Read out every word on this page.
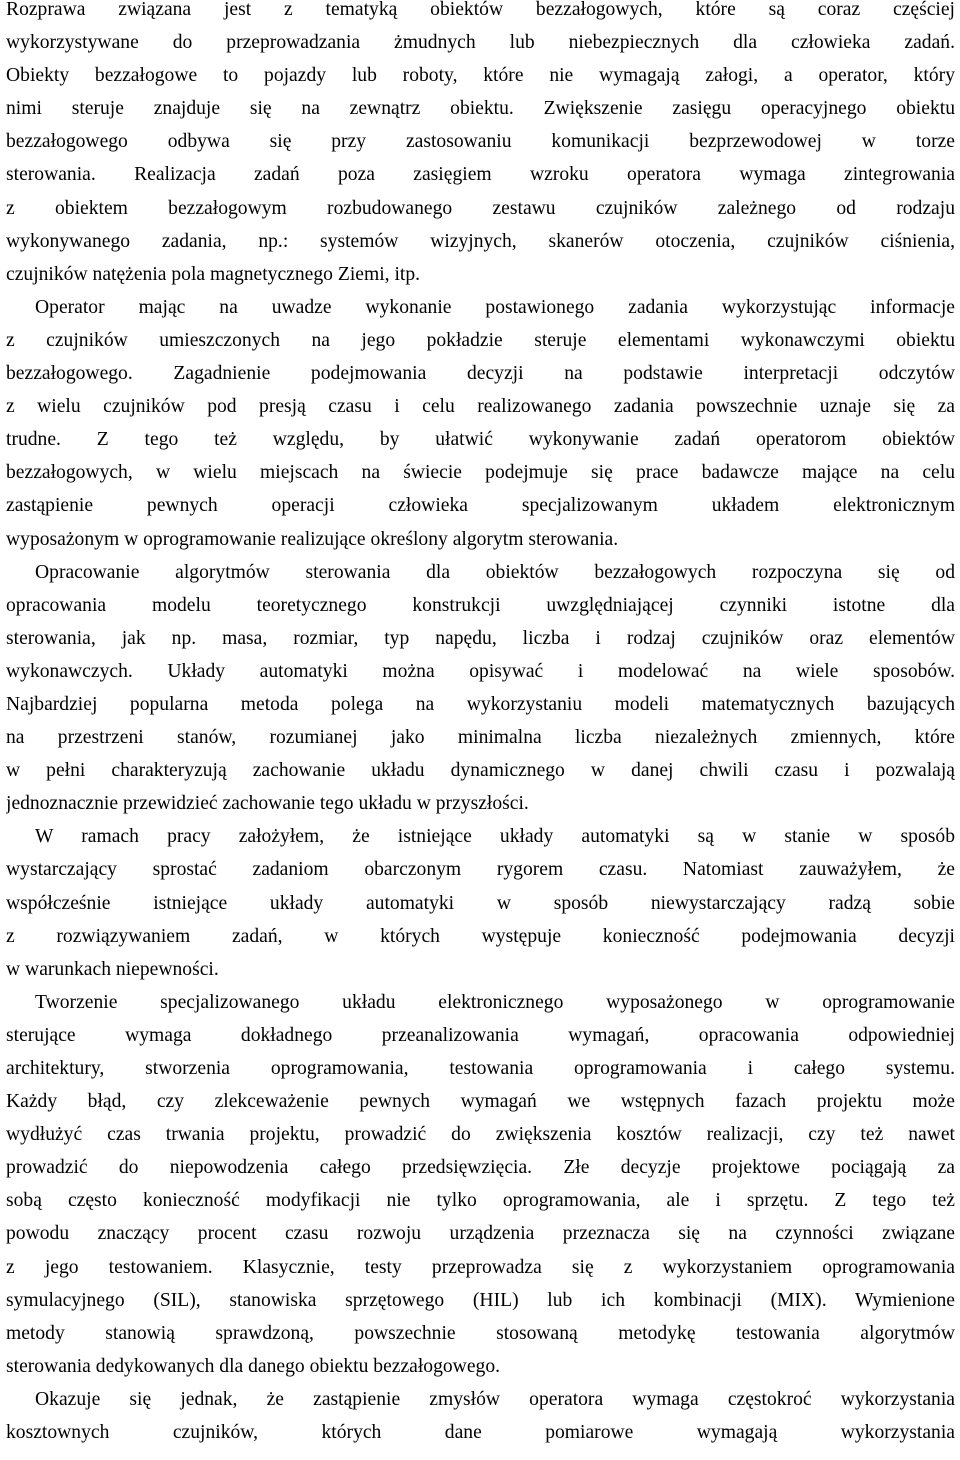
Rozprawa związana jest z tematyką obiektów bezzałogowych, które są coraz częściej
wykorzystywane do przeprowadzania żmudnych lub niebezpiecznych dla człowieka zadań.
Obiekty bezzałogowe to pojazdy lub roboty, które nie wymagają załogi, a operator, który
nimi steruje znajduje się na zewnątrz obiektu. Zwiększenie zasięgu operacyjnego obiektu
bezzałogowego odbywa się przy zastosowaniu komunikacji bezprzewodowej w torze
sterowania. Realizacja zadań poza zasięgiem wzroku operatora wymaga zintegrowania
z obiektem bezzałogowym rozbudowanego zestawu czujników zależnego od rodzaju
wykonywanego zadania, np.: systemów wizyjnych, skanerów otoczenia, czujników ciśnienia,
czujników natężenia pola magnetycznego Ziemi, itp.
Operator mając na uwadze wykonanie postawionego zadania wykorzystując informacje
z czujników umieszczonych na jego pokładzie steruje elementami wykonawczymi obiektu
bezzałogowego. Zagadnienie podejmowania decyzji na podstawie interpretacji odczytów
z wielu czujników pod presją czasu i celu realizowanego zadania powszechnie uznaje się za
trudne. Z tego też względu, by ułatwić wykonywanie zadań operatorom obiektów
bezzałogowych, w wielu miejscach na świecie podejmuje się prace badawcze mające na celu
zastąpienie pewnych operacji człowieka specjalizowanym układem elektronicznym
wyposażonym w oprogramowanie realizujące określony algorytm sterowania.
Opracowanie algorytmów sterowania dla obiektów bezzałogowych rozpoczyna się od
opracowania modelu teoretycznego konstrukcji uwzględniającej czynniki istotne dla
sterowania, jak np. masa, rozmiar, typ napędu, liczba i rodzaj czujników oraz elementów
wykonawczych. Układy automatyki można opisywać i modelować na wiele sposobów.
Najbardziej popularna metoda polega na wykorzystaniu modeli matematycznych bazujących
na przestrzeni stanów, rozumianej jako minimalna liczba niezależnych zmiennych, które
w pełni charakteryzują zachowanie układu dynamicznego w danej chwili czasu i pozwalają
jednoznacznie przewidzieć zachowanie tego układu w przyszłości.
W ramach pracy założyłem, że istniejące układy automatyki są w stanie w sposób
wystarczający sprostać zadaniom obarczonym rygorem czasu. Natomiast zauważyłem, że
współcześnie istniejące układy automatyki w sposób niewystarczający radzą sobie
z rozwiązywaniem zadań, w których występuje konieczność podejmowania decyzji
w warunkach niepewności.
Tworzenie specjalizowanego układu elektronicznego wyposażonego w oprogramowanie
sterujące wymaga dokładnego przeanalizowania wymagań, opracowania odpowiedniej
architektury, stworzenia oprogramowania, testowania oprogramowania i całego systemu.
Każdy błąd, czy zlekceważenie pewnych wymagań we wstępnych fazach projektu może
wydłużyć czas trwania projektu, prowadzić do zwiększenia kosztów realizacji, czy też nawet
prowadzić do niepowodzenia całego przedsięwzięcia. Złe decyzje projektowe pociągają za
sobą często konieczność modyfikacji nie tylko oprogramowania, ale i sprzętu. Z tego też
powodu znaczący procent czasu rozwoju urządzenia przeznacza się na czynności związane
z jego testowaniem. Klasycznie, testy przeprowadza się z wykorzystaniem oprogramowania
symulacyjnego (SIL), stanowiska sprzętowego (HIL) lub ich kombinacji (MIX). Wymienione
metody stanowią sprawdzoną, powszechnie stosowaną metodykę testowania algorytmów
sterowania dedykowanych dla danego obiektu bezzałogowego.
Okazuje się jednak, że zastąpienie zmysłów operatora wymaga częstokroć wykorzystania
kosztownych czujników, których dane pomiarowe wymagają wykorzystania
